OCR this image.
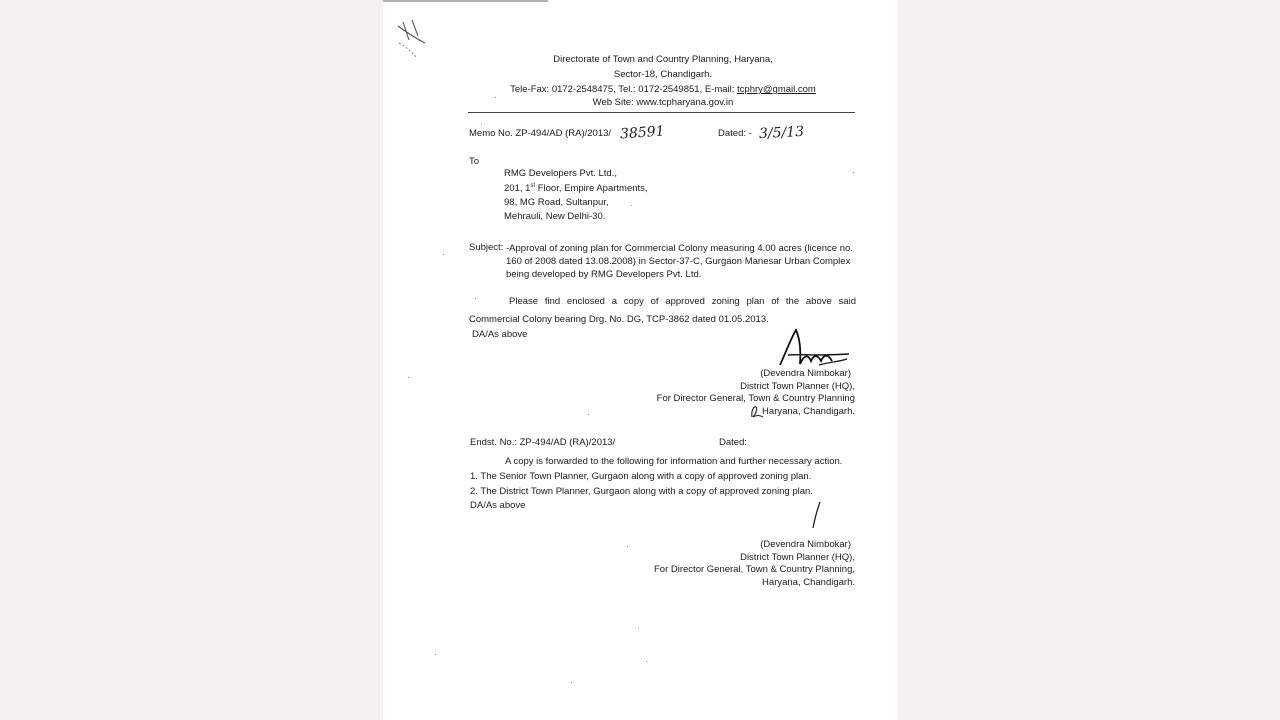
Directorate of Town and Country Planning, Haryana,
Sector-18, Chandigarh.
Tele-Fax: 0172-2548475, Tel.: 0172-2549851, E-mail: tcphry@gmail.com
Web Site: www.tcpharyana.gov.in
Memo No. ZP-494/AD (RA)/2013/ 38591	Dated: - 3/5/13
To
RMG Developers Pvt. Ltd.,
201, 1st Floor, Empire Apartments,
98, MG Road, Sultanpur,
Mehrauli, New Delhi-30.
Subject: -Approval of zoning plan for Commercial Colony measuring 4.00 acres (licence no. 160 of 2008 dated 13.08.2008) in Sector-37-C, Gurgaon Manesar Urban Complex being developed by RMG Developers Pvt. Ltd.
Please find enclosed a copy of approved zoning plan of the above said Commercial Colony bearing Drg. No. DG, TCP-3862 dated 01.05.2013.
DA/As above
(Devendra Nimbokar)
District Town Planner (HQ),
For Director General, Town & Country Planning
Haryana, Chandigarh.
Endst. No.: ZP-494/AD (RA)/2013/	Dated:
A copy is forwarded to the following for information and further necessary action.
1. The Senior Town Planner, Gurgaon along with a copy of approved zoning plan.
2. The District Town Planner, Gurgaon along with a copy of approved zoning plan.
DA/As above
(Devendra Nimbokar)
District Town Planner (HQ),
For Director General, Town & Country Planning,
Haryana, Chandigarh.
